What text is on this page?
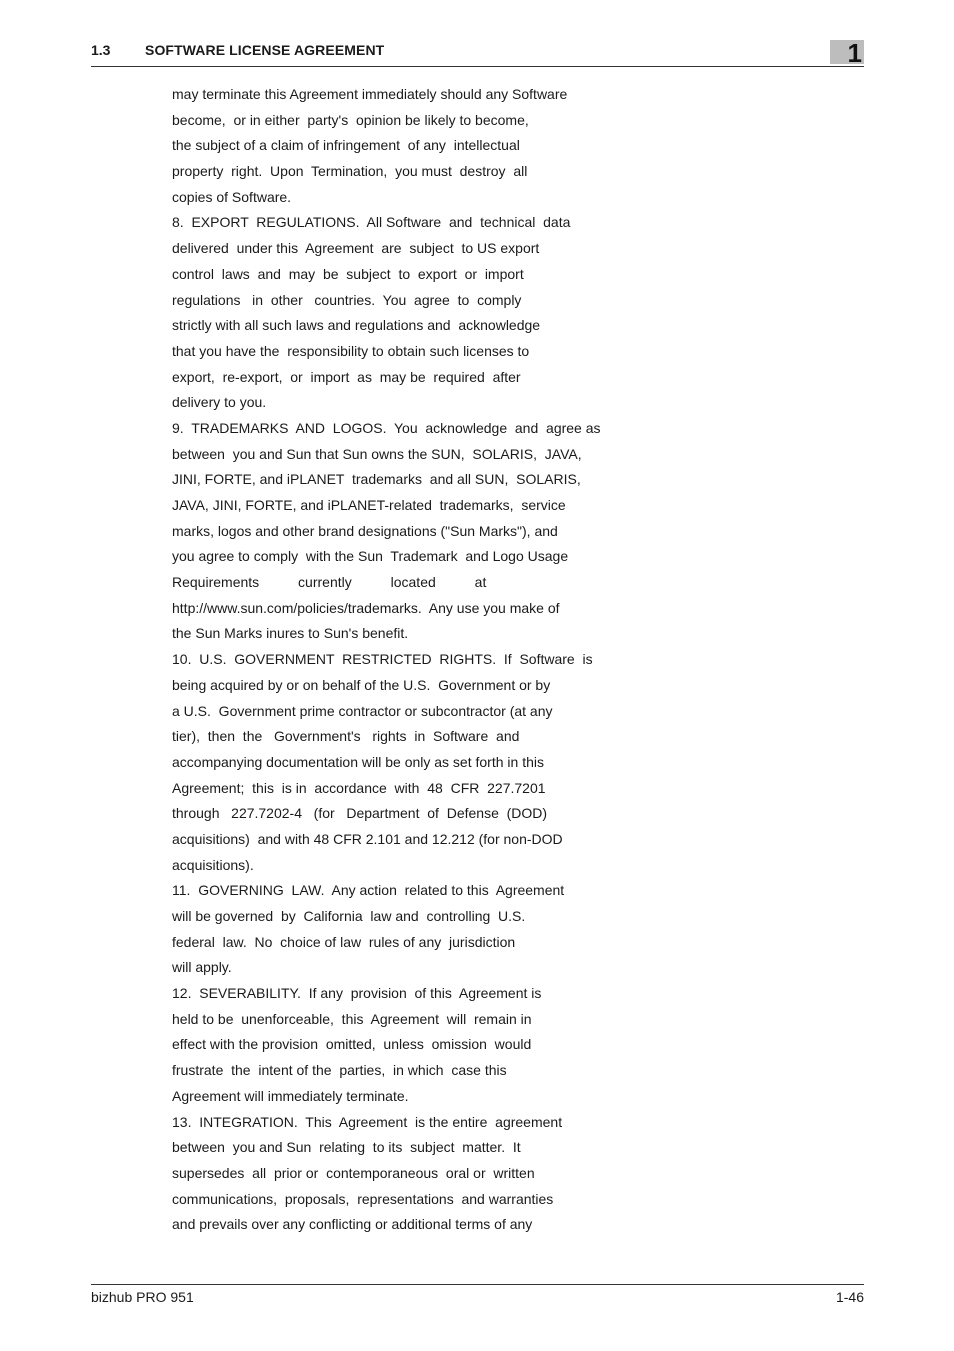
1.3 SOFTWARE LICENSE AGREEMENT	1
may terminate this Agreement immediately should any Software
become,  or in either  party's  opinion be likely to become,
the subject of a claim of infringement  of any  intellectual
property  right.  Upon  Termination,  you must  destroy  all
copies of Software.
8.  EXPORT  REGULATIONS.  All Software  and  technical  data
delivered  under this  Agreement  are  subject  to US export
control  laws  and  may  be  subject  to  export  or  import
regulations   in  other   countries.  You  agree  to  comply
strictly with all such laws and regulations and  acknowledge
that you have the  responsibility to obtain such licenses to
export,  re-export,  or  import  as  may be  required  after
delivery to you.
9.  TRADEMARKS  AND  LOGOS.  You  acknowledge  and  agree as
between  you and Sun that Sun owns the SUN,  SOLARIS,  JAVA,
JINI, FORTE, and iPLANET  trademarks  and all SUN,  SOLARIS,
JAVA, JINI, FORTE, and iPLANET-related  trademarks,  service
marks, logos and other brand designations ("Sun Marks"), and
you agree to comply  with the Sun  Trademark  and Logo Usage
Requirements          currently          located          at
http://www.sun.com/policies/trademarks.  Any use you make of
the Sun Marks inures to Sun's benefit.
10.  U.S.  GOVERNMENT  RESTRICTED  RIGHTS.  If  Software  is
being acquired by or on behalf of the U.S.  Government or by
a U.S.  Government prime contractor or subcontractor (at any
tier),  then  the   Government's   rights  in  Software  and
accompanying documentation will be only as set forth in this
Agreement;  this  is in  accordance  with  48  CFR  227.7201
through   227.7202-4   (for   Department  of  Defense  (DOD)
acquisitions)  and with 48 CFR 2.101 and 12.212 (for non-DOD
acquisitions).
11.  GOVERNING  LAW.  Any action  related to this  Agreement
will be governed  by  California  law and  controlling  U.S.
federal  law.  No  choice of law  rules of any  jurisdiction
will apply.
12.  SEVERABILITY.  If any  provision  of this  Agreement is
held to be  unenforceable,  this  Agreement  will  remain in
effect with the provision  omitted,  unless  omission  would
frustrate  the  intent of the  parties,  in which  case this
Agreement will immediately terminate.
13.  INTEGRATION.  This  Agreement  is the entire  agreement
between  you and Sun  relating  to its  subject  matter.  It
supersedes  all  prior or  contemporaneous  oral or  written
communications,  proposals,  representations  and warranties
and prevails over any conflicting or additional terms of any
bizhub PRO 951	1-46
